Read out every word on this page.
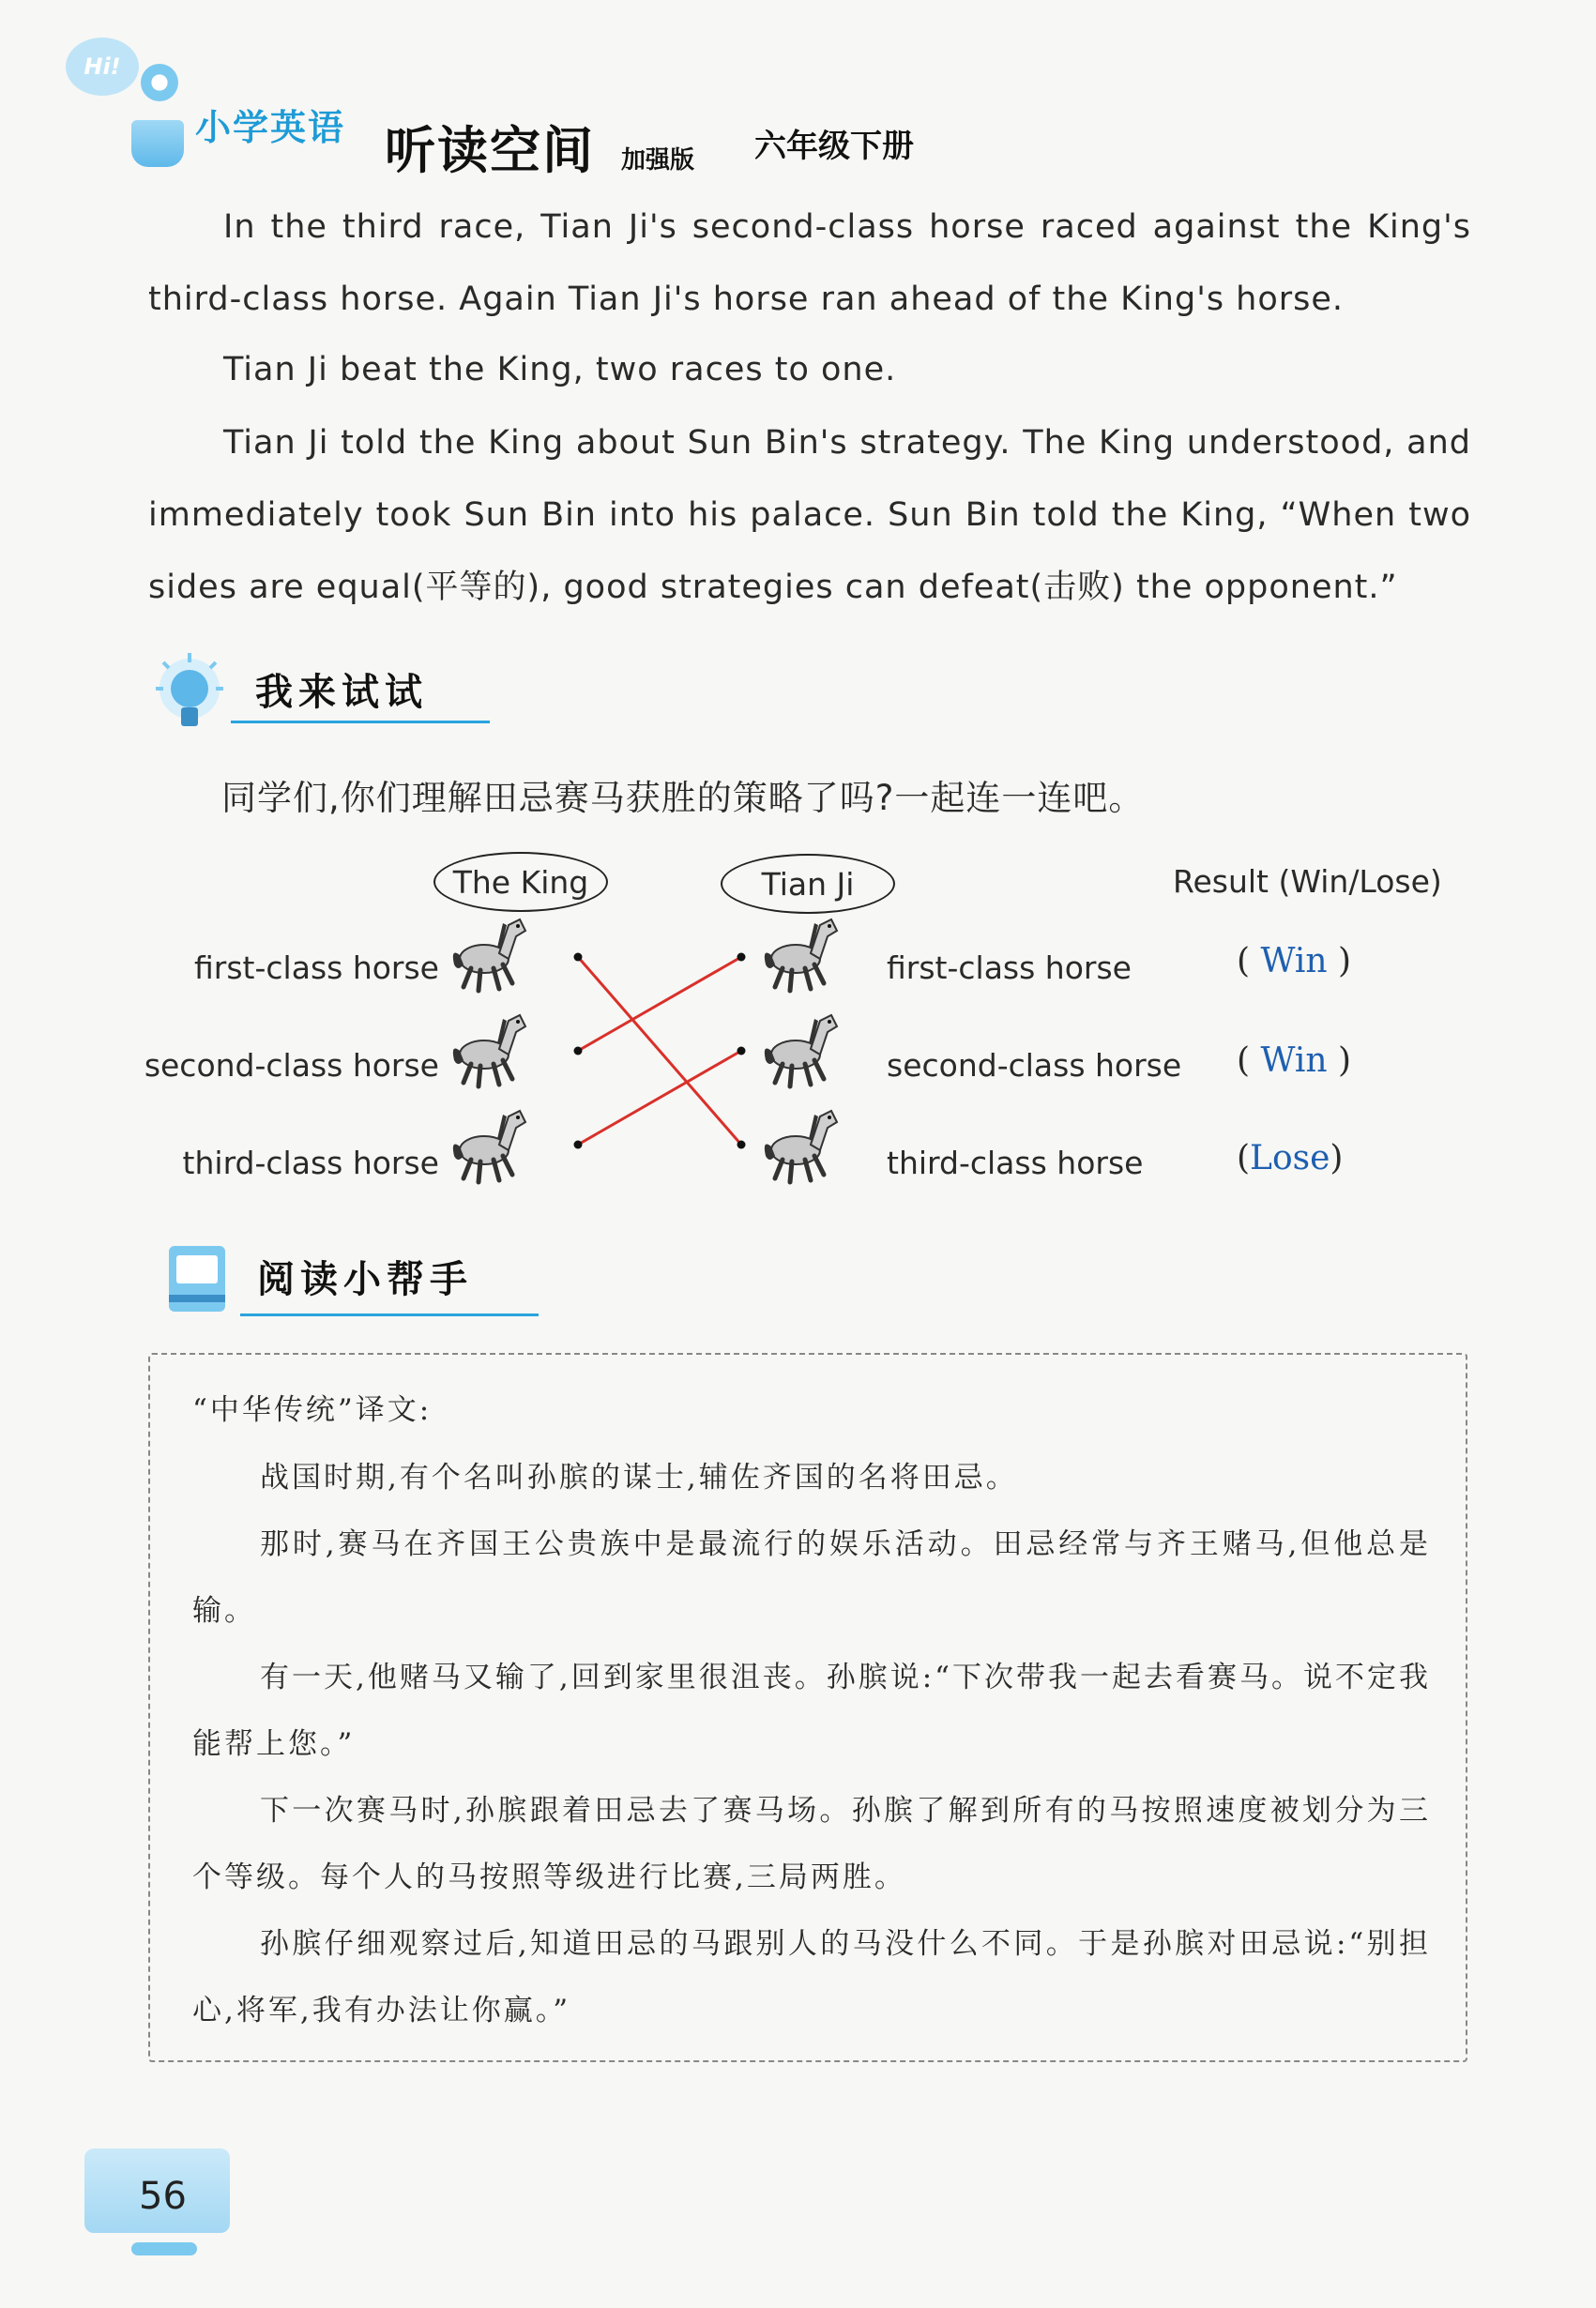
Hi!
小学英语 听读空间 加强版 六年级下册
In the third race, Tian Ji's second-class horse raced against the King's third-class horse. Again Tian Ji's horse ran ahead of the King's horse.
Tian Ji beat the King, two races to one.
Tian Ji told the King about Sun Bin's strategy. The King understood, and immediately took Sun Bin into his palace. Sun Bin told the King, “When two sides are equal(平等的), good strategies can defeat(击败) the opponent.”
我来试试
同学们,你们理解田忌赛马获胜的策略了吗?一起连一连吧。
The King	Tian Ji	Result (Win/Lose)
first-class horse
second-class horse
third-class horse
first-class horse
second-class horse
third-class horse
( Win )
( Win )
(Lose)
阅读小帮手
“中华传统”译文:
战国时期,有个名叫孙膑的谋士,辅佐齐国的名将田忌。
那时,赛马在齐国王公贵族中是最流行的娱乐活动。田忌经常与齐王赌马,但他总是输。
有一天,他赌马又输了,回到家里很沮丧。孙膑说:“下次带我一起去看赛马。说不定我能帮上您。”
下一次赛马时,孙膑跟着田忌去了赛马场。孙膑了解到所有的马按照速度被划分为三个等级。每个人的马按照等级进行比赛,三局两胜。
孙膑仔细观察过后,知道田忌的马跟别人的马没什么不同。于是孙膑对田忌说:“别担心,将军,我有办法让你赢。”
56
